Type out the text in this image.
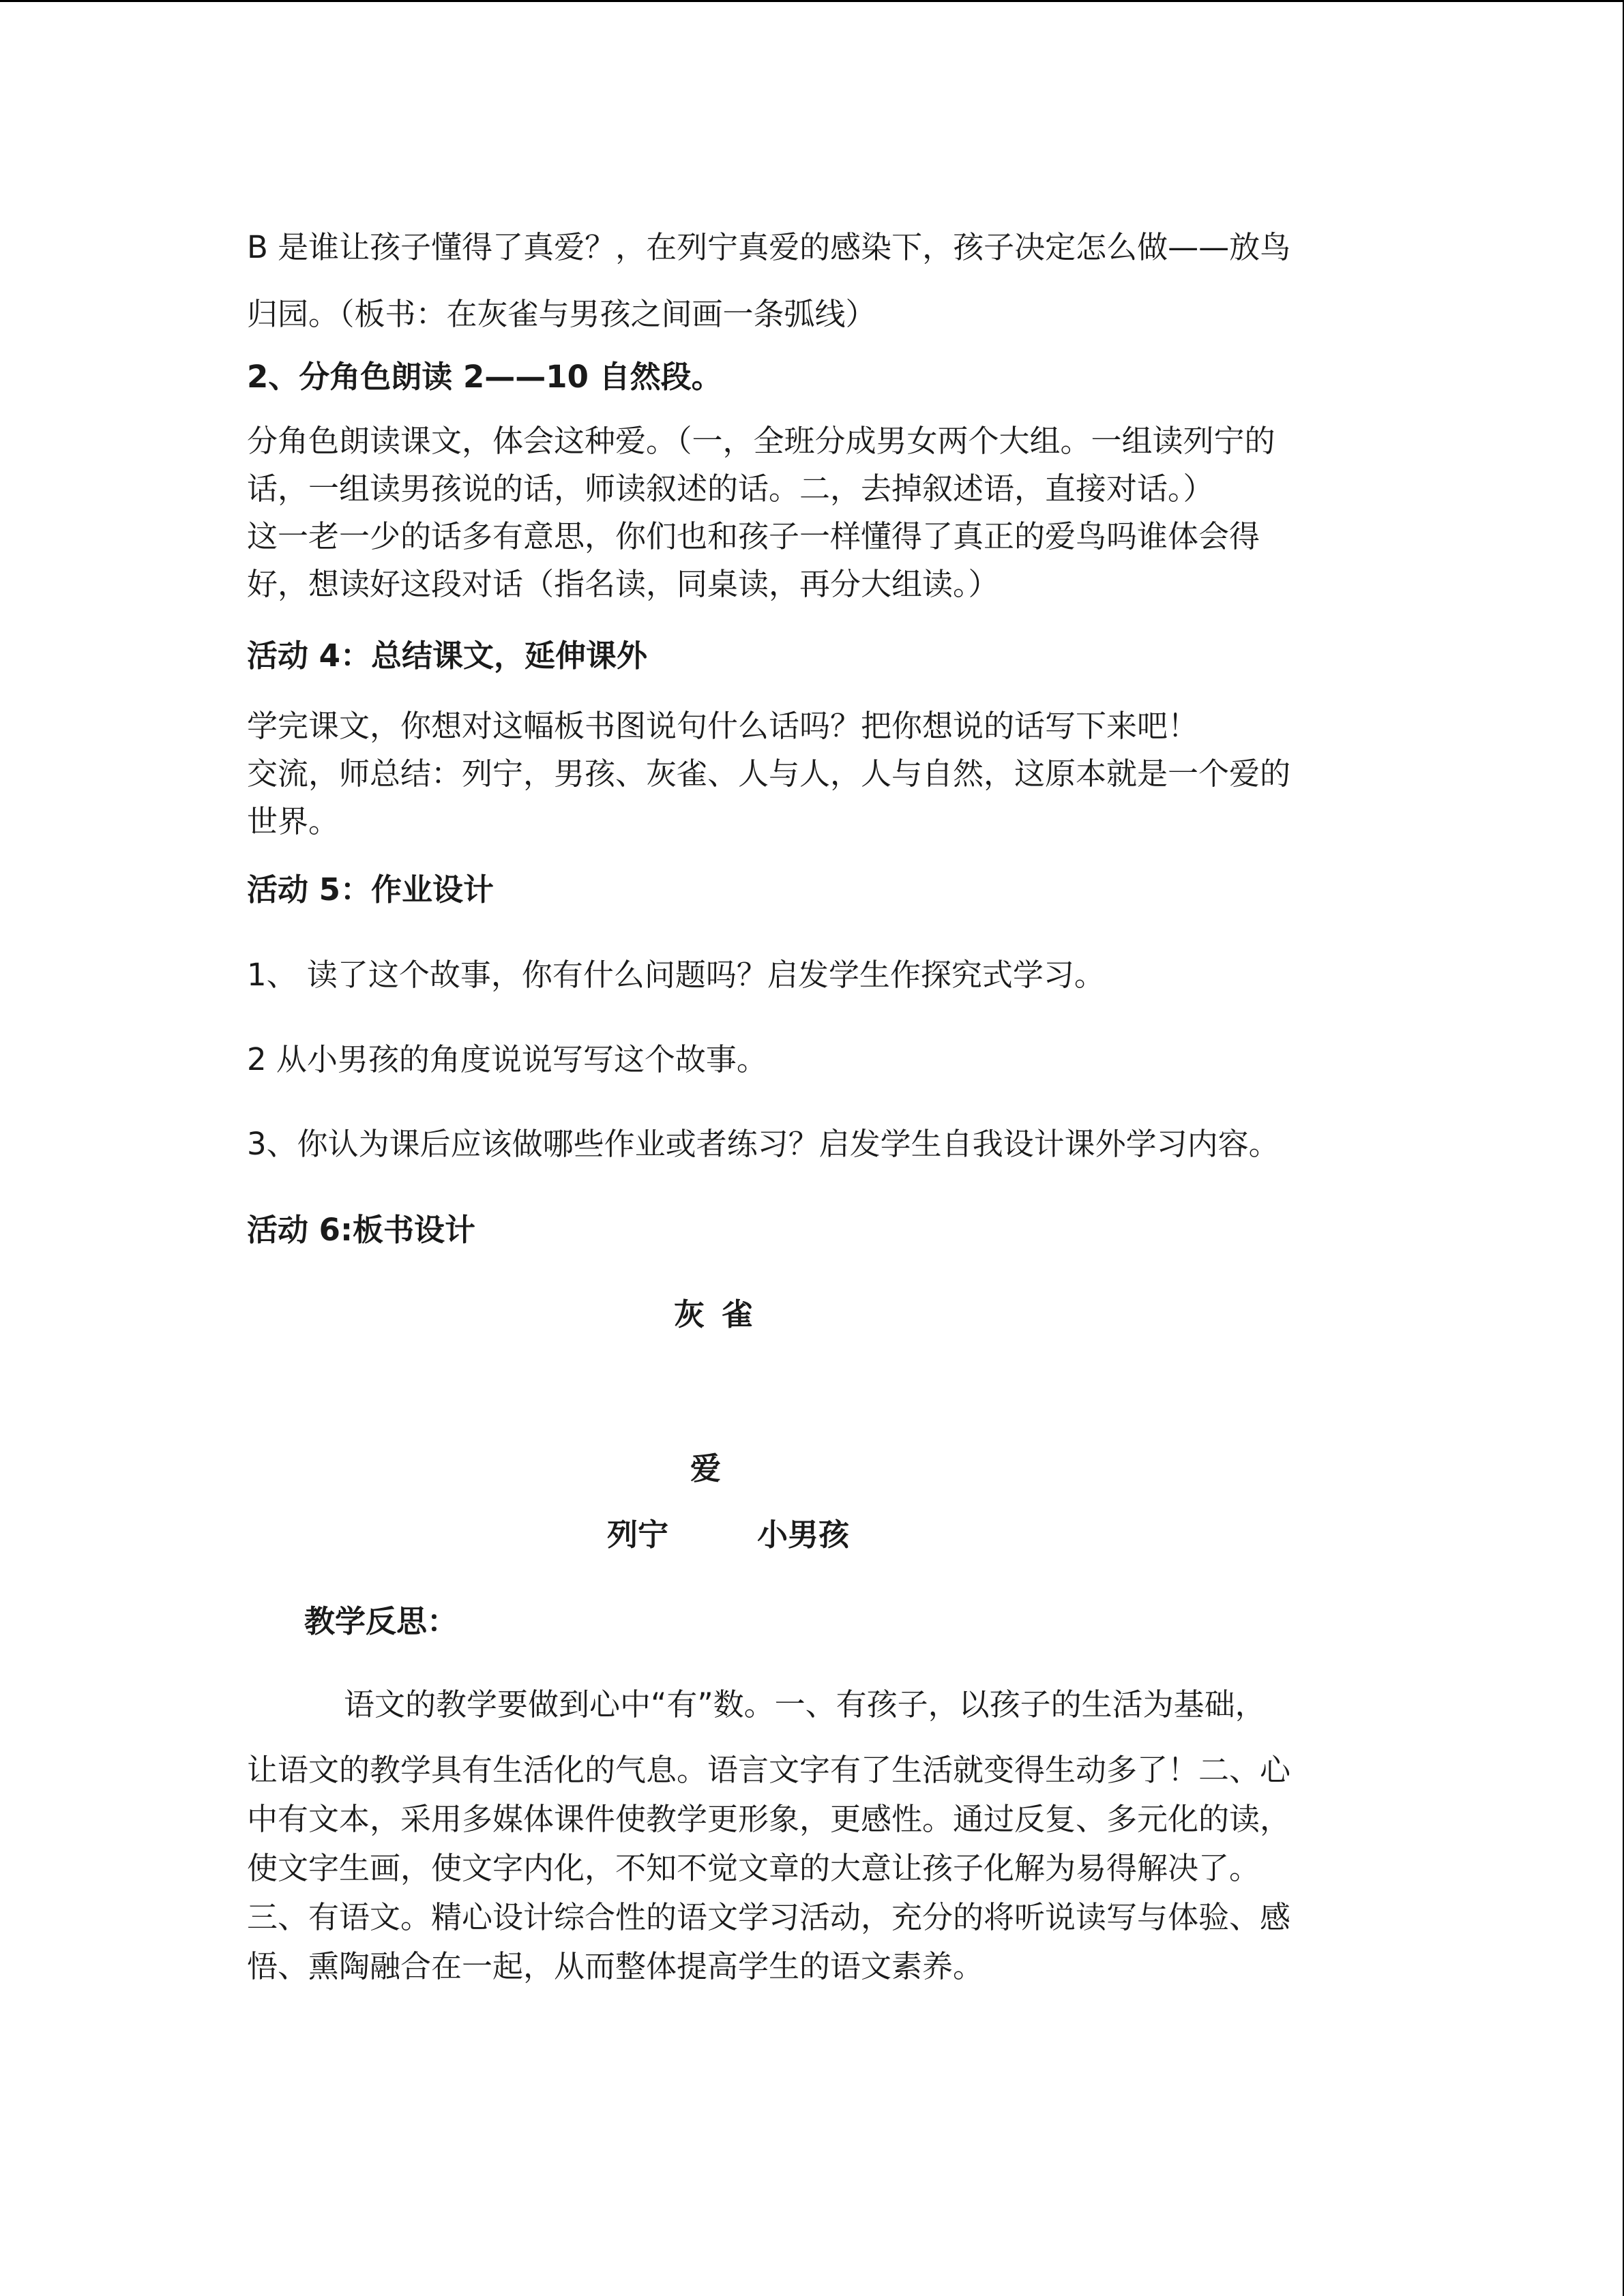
B 是谁让孩子懂得了真爱？，在列宁真爱的感染下，孩子决定怎么做——放鸟
归园。（板书：在灰雀与男孩之间画一条弧线）
2、分角色朗读 2——10 自然段。
分角色朗读课文，体会这种爱。（一，全班分成男女两个大组。一组读列宁的
话，一组读男孩说的话，师读叙述的话。二，去掉叙述语，直接对话。）
这一老一少的话多有意思，你们也和孩子一样懂得了真正的爱鸟吗谁体会得
好，想读好这段对话（指名读，同桌读，再分大组读。）
活动 4：总结课文，延伸课外
学完课文，你想对这幅板书图说句什么话吗？把你想说的话写下来吧！
交流，师总结：列宁，男孩、灰雀、人与人，人与自然，这原本就是一个爱的
世界。
活动 5：作业设计
1、 读了这个故事，你有什么问题吗？启发学生作探究式学习。
2 从小男孩的角度说说写写这个故事。
3、你认为课后应该做哪些作业或者练习？启发学生自我设计课外学习内容。
活动 6:板书设计
灰 雀
爱
列宁	小男孩
教学反思：
语文的教学要做到心中“有”数。一、有孩子，以孩子的生活为基础，
让语文的教学具有生活化的气息。语言文字有了生活就变得生动多了！二、心
中有文本，采用多媒体课件使教学更形象，更感性。通过反复、多元化的读，
使文字生画，使文字内化，不知不觉文章的大意让孩子化解为易得解决了。
三、有语文。精心设计综合性的语文学习活动，充分的将听说读写与体验、感
悟、熏陶融合在一起，从而整体提高学生的语文素养。
